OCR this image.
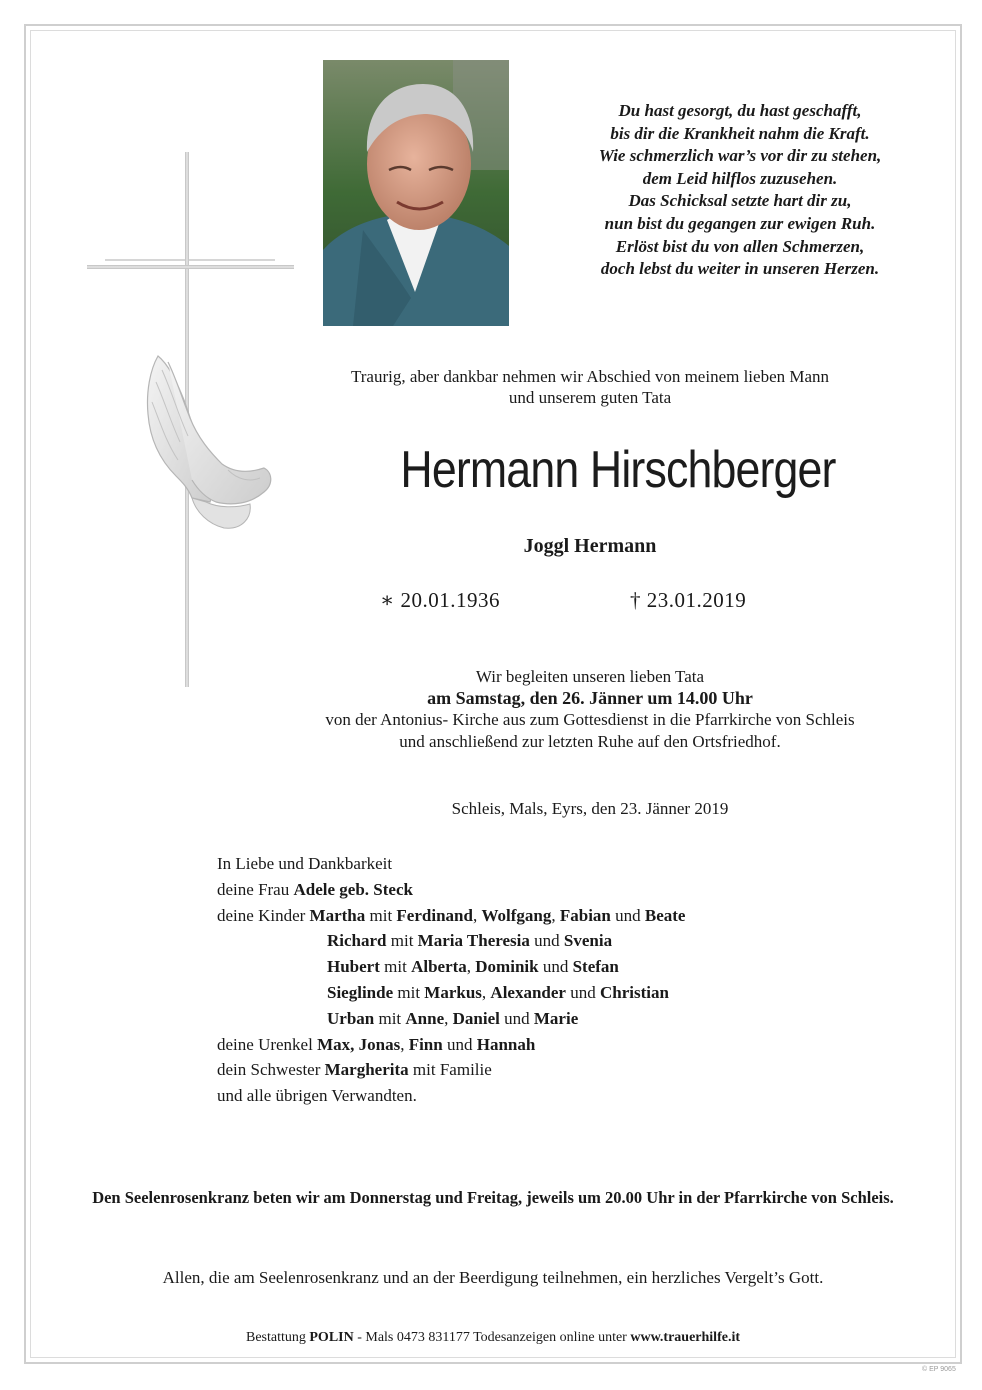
Du hast gesorgt, du hast geschafft,
bis dir die Krankheit nahm die Kraft.
Wie schmerzlich war’s vor dir zu stehen,
dem Leid hilflos zuzusehen.
Das Schicksal setzte hart dir zu,
nun bist du gegangen zur ewigen Ruh.
Erlöst bist du von allen Schmerzen,
doch lebst du weiter in unseren Herzen.
Traurig, aber dankbar nehmen wir Abschied von meinem lieben Mann
und unserem guten Tata
Hermann Hirschberger
Joggl Hermann
∗ 20.01.1936	† 23.01.2019
Wir begleiten unseren lieben Tata
am Samstag, den 26. Jänner um 14.00 Uhr
von der Antonius- Kirche aus zum Gottesdienst in die Pfarrkirche von Schleis
und anschließend zur letzten Ruhe auf den Ortsfriedhof.
Schleis, Mals, Eyrs, den 23. Jänner 2019
In Liebe und Dankbarkeit
deine Frau Adele geb. Steck
deine Kinder Martha mit Ferdinand, Wolfgang, Fabian und Beate
Richard mit Maria Theresia und Svenia
Hubert mit Alberta, Dominik und Stefan
Sieglinde mit Markus, Alexander und Christian
Urban mit Anne, Daniel und Marie
deine Urenkel Max, Jonas, Finn und Hannah
dein Schwester Margherita mit Familie
und alle übrigen Verwandten.
Den Seelenrosenkranz beten wir am Donnerstag und Freitag, jeweils um 20.00 Uhr in der Pfarrkirche von Schleis.
Allen, die am Seelenrosenkranz und an der Beerdigung teilnehmen, ein herzliches Vergelt’s Gott.
Bestattung POLIN - Mals 0473 831177 Todesanzeigen online unter www.trauerhilfe.it
© EP 9065
